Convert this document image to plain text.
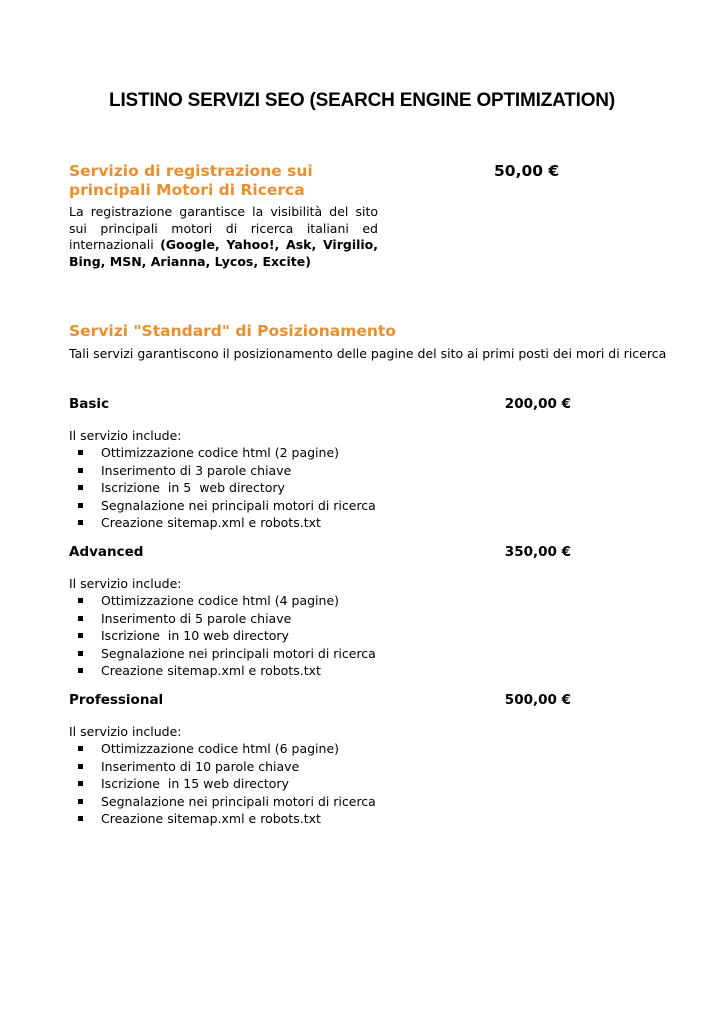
LISTINO SERVIZI SEO (SEARCH ENGINE OPTIMIZATION)
Servizio di registrazione sui
principali Motori di Ricerca
50,00 €
La registrazione garantisce la visibilità del sito sui principali motori di ricerca italiani ed internazionali (Google, Yahoo!, Ask, Virgilio, Bing, MSN, Arianna, Lycos, Excite)
Servizi "Standard" di Posizionamento
Tali servizi garantiscono il posizionamento delle pagine del sito ai primi posti dei mori di ricerca
Basic	200,00 €
Il servizio include:
Ottimizzazione codice html (2 pagine)
Inserimento di 3 parole chiave
Iscrizione  in 5  web directory
Segnalazione nei principali motori di ricerca
Creazione sitemap.xml e robots.txt
Advanced	350,00 €
Il servizio include:
Ottimizzazione codice html (4 pagine)
Inserimento di 5 parole chiave
Iscrizione  in 10 web directory
Segnalazione nei principali motori di ricerca
Creazione sitemap.xml e robots.txt
Professional	500,00 €
Il servizio include:
Ottimizzazione codice html (6 pagine)
Inserimento di 10 parole chiave
Iscrizione  in 15 web directory
Segnalazione nei principali motori di ricerca
Creazione sitemap.xml e robots.txt
